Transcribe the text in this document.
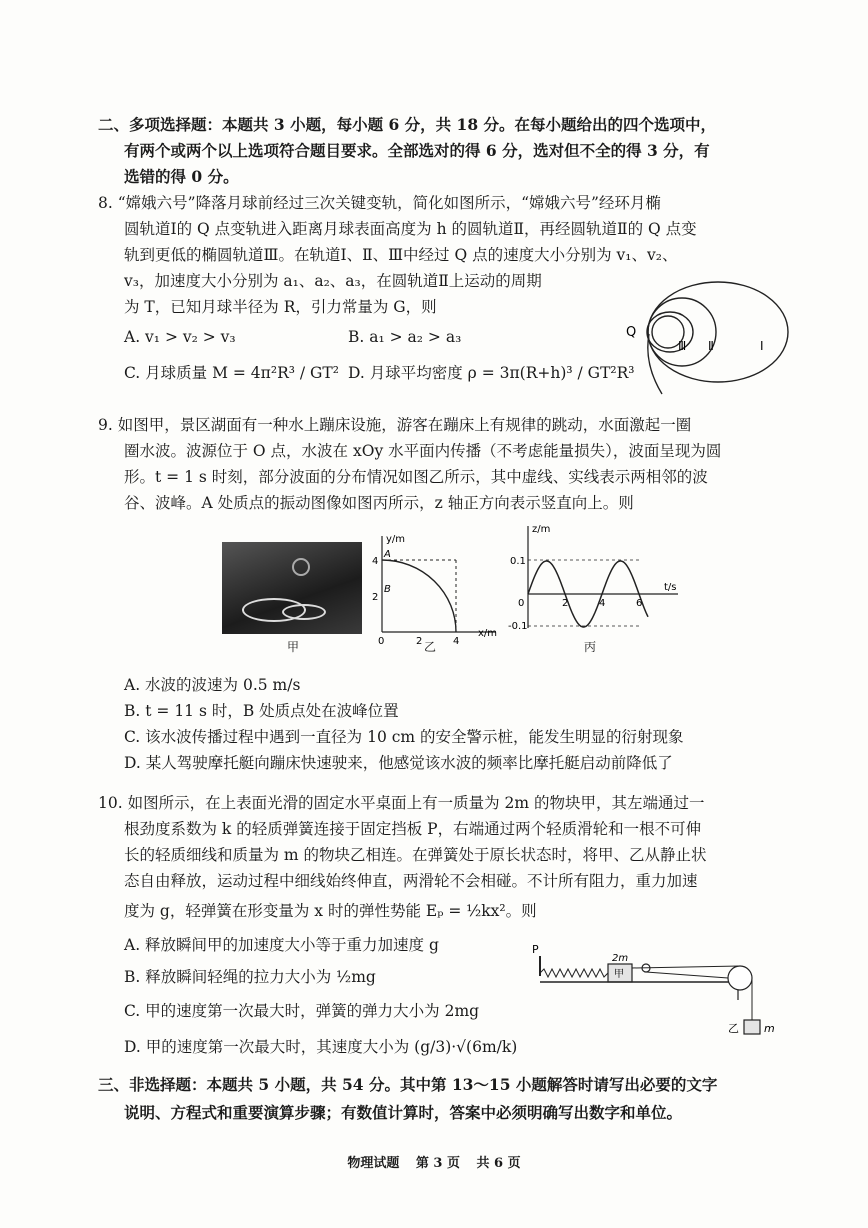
二、多项选择题：本题共 3 小题，每小题 6 分，共 18 分。在每小题给出的四个选项中，
有两个或两个以上选项符合题目要求。全部选对的得 6 分，选对但不全的得 3 分，有
选错的得 0 分。
8. “嫦娥六号”降落月球前经过三次关键变轨，简化如图所示，“嫦娥六号”经环月椭
圆轨道Ⅰ的 Q 点变轨进入距离月球表面高度为 h 的圆轨道Ⅱ，再经圆轨道Ⅱ的 Q 点变
轨到更低的椭圆轨道Ⅲ。在轨道Ⅰ、Ⅱ、Ⅲ中经过 Q 点的速度大小分别为 v₁、v₂、
v₃，加速度大小分别为 a₁、a₂、a₃，在圆轨道Ⅱ上运动的周期
为 T，已知月球半径为 R，引力常量为 G，则
A. v₁ > v₂ > v₃	B. a₁ > a₂ > a₃
C. 月球质量 M = 4π²R³ / GT² D. 月球平均密度 ρ = 3π(R+h)³ / GT²R³
Q
Ⅲ Ⅱ	Ⅰ
9. 如图甲，景区湖面有一种水上蹦床设施，游客在蹦床上有规律的跳动，水面激起一圈
圈水波。波源位于 O 点，水波在 xOy 水平面内传播（不考虑能量损失），波面呈现为圆
形。t = 1 s 时刻，部分波面的分布情况如图乙所示，其中虚线、实线表示两相邻的波
谷、波峰。A 处质点的振动图像如图丙所示，z 轴正方向表示竖直向上。则
甲
y/m
A
B
4
2
0	2	4
x/m
乙
z/m
0.1
-0.1
0	2	4	6
t/s
丙
A. 水波的波速为 0.5 m/s
B. t = 11 s 时，B 处质点处在波峰位置
C. 该水波传播过程中遇到一直径为 10 cm 的安全警示桩，能发生明显的衍射现象
D. 某人驾驶摩托艇向蹦床快速驶来，他感觉该水波的频率比摩托艇启动前降低了
10. 如图所示，在上表面光滑的固定水平桌面上有一质量为 2m 的物块甲，其左端通过一
根劲度系数为 k 的轻质弹簧连接于固定挡板 P，右端通过两个轻质滑轮和一根不可伸
长的轻质细线和质量为 m 的物块乙相连。在弹簧处于原长状态时，将甲、乙从静止状
态自由释放，运动过程中细线始终伸直，两滑轮不会相碰。不计所有阻力，重力加速
度为 g，轻弹簧在形变量为 x 时的弹性势能 Eₚ = ½kx²。则
A. 释放瞬间甲的加速度大小等于重力加速度 g
B. 释放瞬间轻绳的拉力大小为 ½mg
C. 甲的速度第一次最大时，弹簧的弹力大小为 2mg
D. 甲的速度第一次最大时，其速度大小为 (g/3)·√(6m/k)
P
甲
2m
乙 m
三、非选择题：本题共 5 小题，共 54 分。其中第 13～15 小题解答时请写出必要的文字
说明、方程式和重要演算步骤；有数值计算时，答案中必须明确写出数字和单位。
物理试题 第 3 页 共 6 页
